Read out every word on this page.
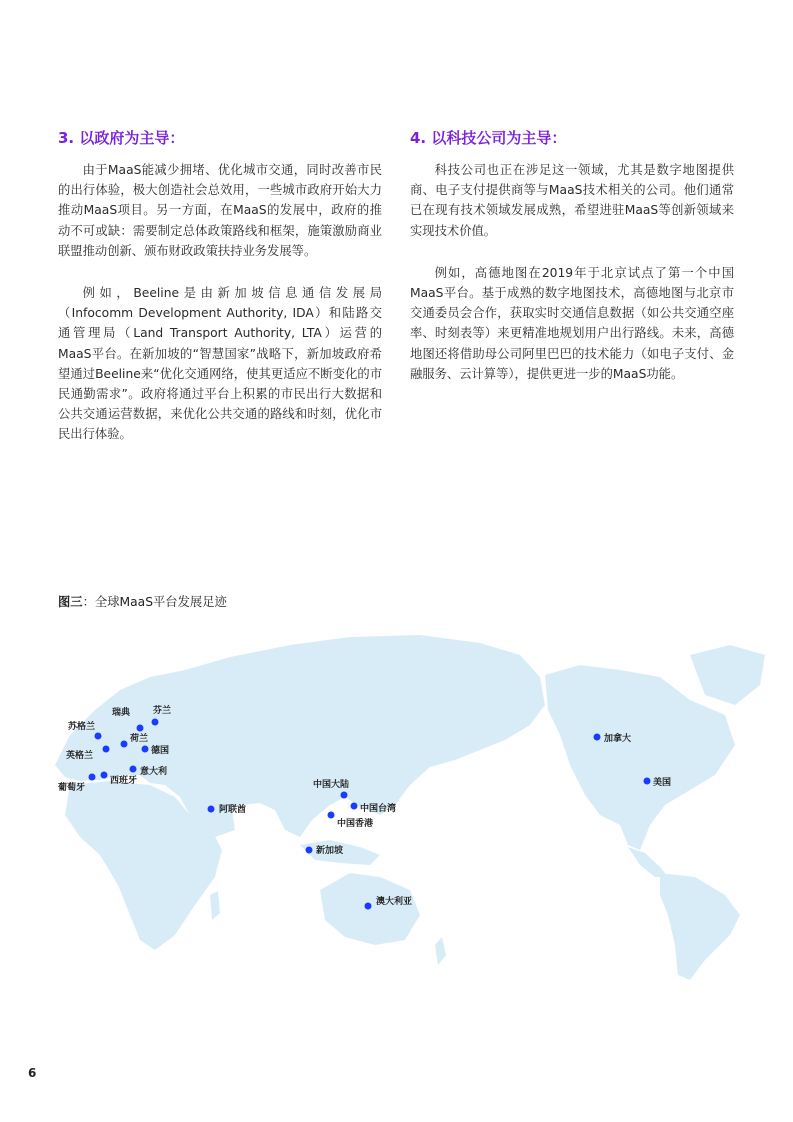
3. 以政府为主导：

由于MaaS能减少拥堵、优化城市交通，同时改善市民的出行体验，极大创造社会总效用，一些城市政府开始大力推动MaaS项目。另一方面，在MaaS的发展中，政府的推动不可或缺：需要制定总体政策路线和框架，施策激励商业联盟推动创新、颁布财政政策扶持业务发展等。

例如，Beeline是由新加坡信息通信发展局（Infocomm Development Authority, IDA）和陆路交通管理局（Land Transport Authority, LTA）运营的MaaS平台。在新加坡的“智慧国家”战略下，新加坡政府希望通过Beeline来“优化交通网络，使其更适应不断变化的市民通勤需求”。政府将通过平台上积累的市民出行大数据和公共交通运营数据，来优化公共交通的路线和时刻，优化市民出行体验。

4. 以科技公司为主导：

科技公司也正在涉足这一领域，尤其是数字地图提供商、电子支付提供商等与MaaS技术相关的公司。他们通常已在现有技术领域发展成熟，希望进驻MaaS等创新领域来实现技术价值。

例如，高德地图在2019年于北京试点了第一个中国MaaS平台。基于成熟的数字地图技术，高德地图与北京市交通委员会合作，获取实时交通信息数据（如公共交通空座率、时刻表等）来更精准地规划用户出行路线。未来，高德地图还将借助母公司阿里巴巴的技术能力（如电子支付、金融服务、云计算等），提供更进一步的MaaS功能。

图三：全球MaaS平台发展足迹
芬兰
瑞典
苏格兰
荷兰
英格兰	德国
意大利
西班牙
葡萄牙
阿联酋
中国大陆
中国台湾
中国香港
新加坡
澳大利亚
加拿大
美国
6
